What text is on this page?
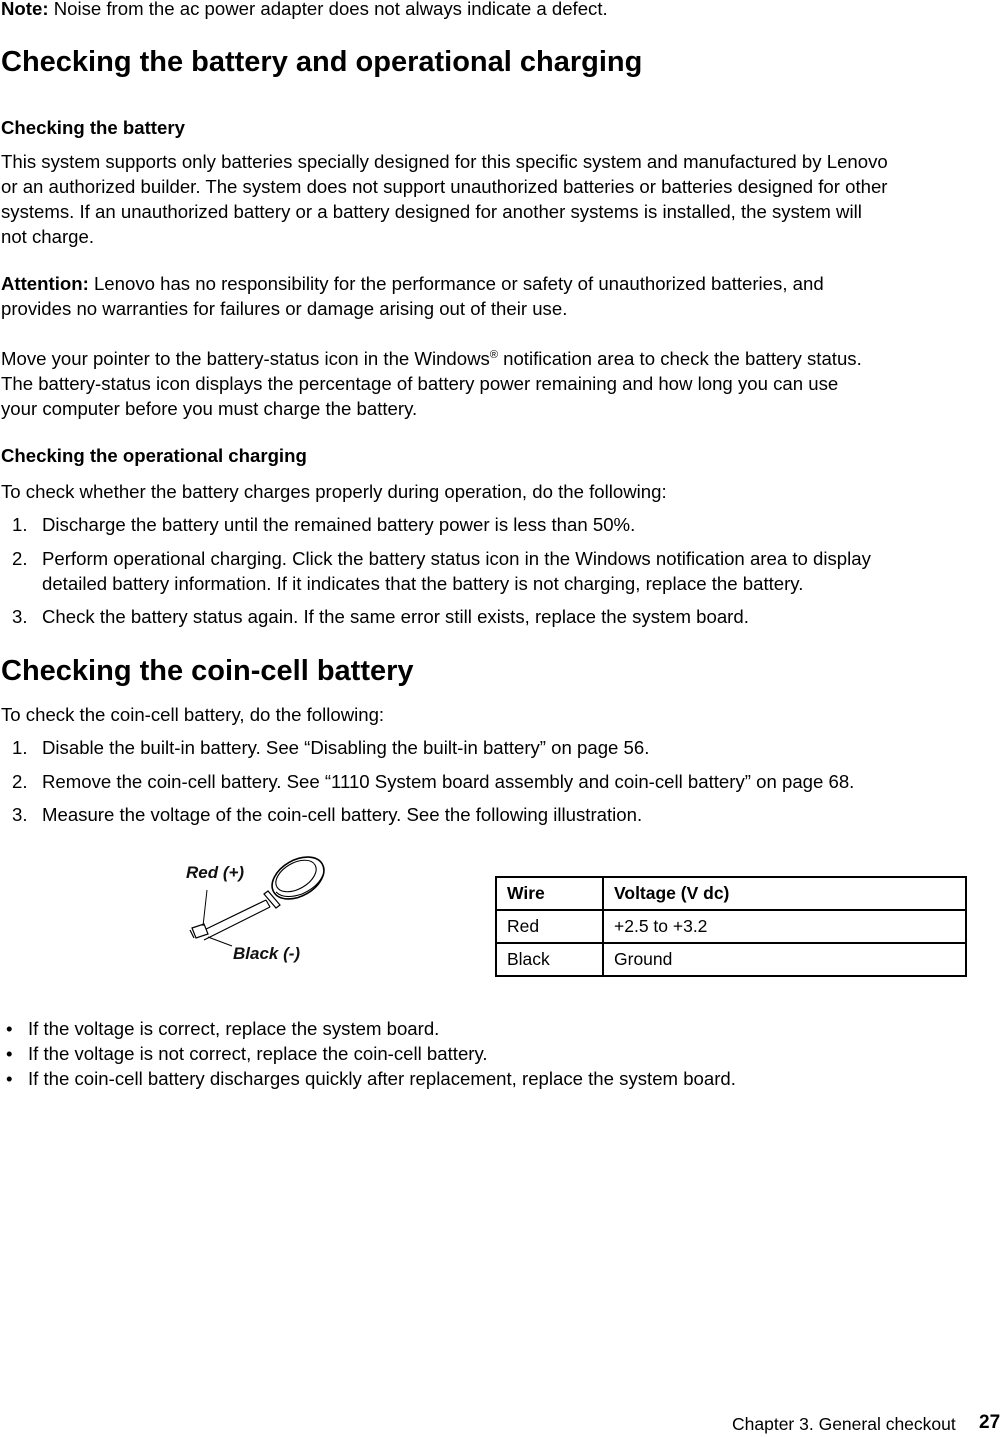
Note: Noise from the ac power adapter does not always indicate a defect.
Checking the battery and operational charging
Checking the battery
This system supports only batteries specially designed for this specific system and manufactured by Lenovo
or an authorized builder. The system does not support unauthorized batteries or batteries designed for other
systems. If an unauthorized battery or a battery designed for another systems is installed, the system will
not charge.
Attention: Lenovo has no responsibility for the performance or safety of unauthorized batteries, and
provides no warranties for failures or damage arising out of their use.
Move your pointer to the battery-status icon in the Windows® notification area to check the battery status.
The battery-status icon displays the percentage of battery power remaining and how long you can use
your computer before you must charge the battery.
Checking the operational charging
To check whether the battery charges properly during operation, do the following:
1. Discharge the battery until the remained battery power is less than 50%.
2. Perform operational charging. Click the battery status icon in the Windows notification area to display
detailed battery information. If it indicates that the battery is not charging, replace the battery.
3. Check the battery status again. If the same error still exists, replace the system board.
Checking the coin-cell battery
To check the coin-cell battery, do the following:
1. Disable the built-in battery. See “Disabling the built-in battery” on page 56.
2. Remove the coin-cell battery. See “1110 System board assembly and coin-cell battery” on page 68.
3. Measure the voltage of the coin-cell battery. See the following illustration.
Red (+)
Black (-)
Wire	Voltage (V dc)
Red	+2.5 to +3.2
Black	Ground
• If the voltage is correct, replace the system board.
• If the voltage is not correct, replace the coin-cell battery.
• If the coin-cell battery discharges quickly after replacement, replace the system board.
Chapter 3. General checkout 27
